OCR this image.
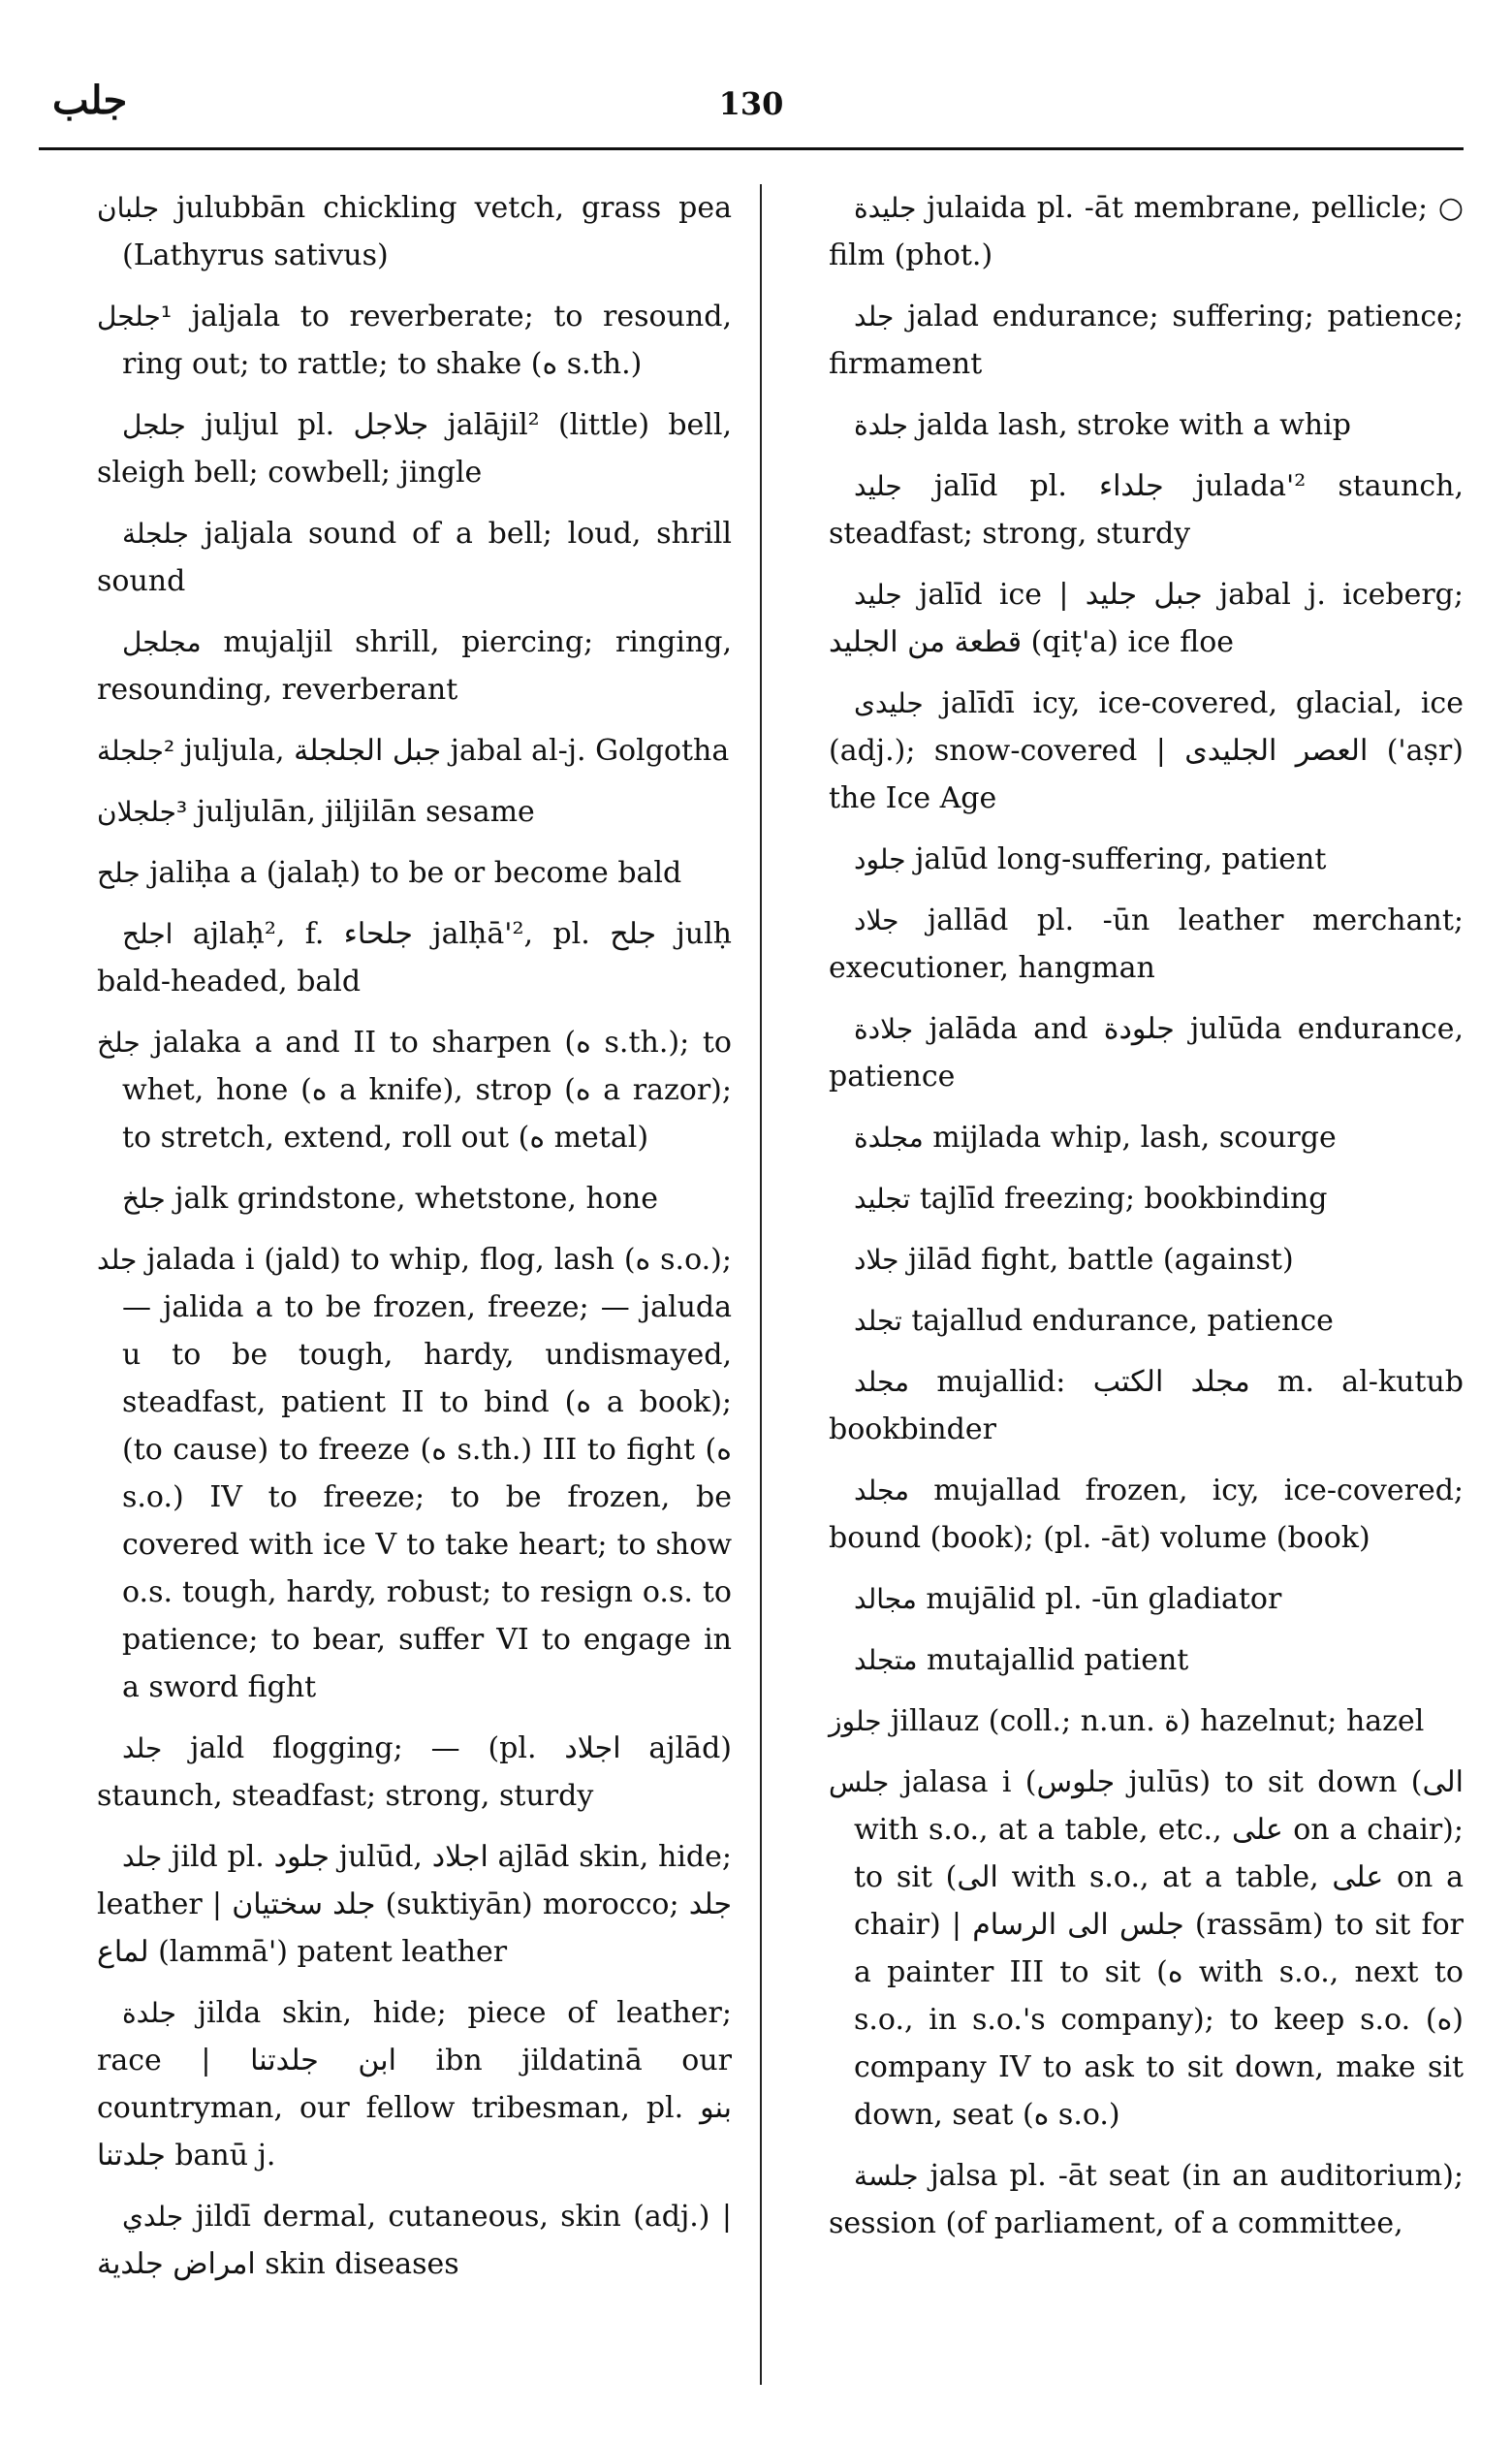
جلب	130

جلبان julubbān chickling vetch, grass pea (Lathyrus sativus)

¹جلجل jaljala to reverberate; to resound, ring out; to rattle; to shake (ه s.th.)

جلجل juljul pl. جلاجل jalājil² (little) bell, sleigh bell; cowbell; jingle

جلجلة jaljala sound of a bell; loud, shrill sound

مجلجل mujaljil shrill, piercing; ringing, resounding, reverberant

²جلجلة juljula, جبل الجلجلة jabal al-j. Golgotha

³جلجلان juljulān, jiljilān sesame

جلح jaliḥa a (jalaḥ) to be or become bald

اجلح ajlaḥ², f. جلحاء jalḥā'², pl. جلح julḥ bald-headed, bald

جلخ jalaka a and II to sharpen (ه s.th.); to whet, hone (ه a knife), strop (ه a razor); to stretch, extend, roll out (ه metal)

جلخ jalk grindstone, whetstone, hone

جلد jalada i (jald) to whip, flog, lash (ه s.o.); — jalida a to be frozen, freeze; — jaluda u to be tough, hardy, undismayed, steadfast, patient II to bind (ه a book); (to cause) to freeze (ه s.th.) III to fight (ه s.o.) IV to freeze; to be frozen, be covered with ice V to take heart; to show o.s. tough, hardy, robust; to resign o.s. to patience; to bear, suffer VI to engage in a sword fight

جلد jald flogging; — (pl. اجلاد ajlād) staunch, steadfast; strong, sturdy

جلد jild pl. جلود julūd, اجلاد ajlād skin, hide; leather | جلد سختيان (suktiyān) morocco; جلد لماع (lammā') patent leather

جلدة jilda skin, hide; piece of leather; race | ابن جلدتنا ibn jildatinā our countryman, our fellow tribesman, pl. بنو جلدتنا banū j.

جلدي jildī dermal, cutaneous, skin (adj.) | امراض جلدية skin diseases

جليدة julaida pl. -āt membrane, pellicle; ○ film (phot.)

جلد jalad endurance; suffering; patience; firmament

جلدة jalda lash, stroke with a whip

جليد jalīd pl. جلداء julada'² staunch, steadfast; strong, sturdy

جليد jalīd ice | جبل جليد jabal j. iceberg; قطعة من الجليد (qiṭ'a) ice floe

جليدى jalīdī icy, ice-covered, glacial, ice (adj.); snow-covered | العصر الجليدى ('aṣr) the Ice Age

جلود jalūd long-suffering, patient

جلاد jallād pl. -ūn leather merchant; executioner, hangman

جلادة jalāda and جلودة julūda endurance, patience

مجلدة mijlada whip, lash, scourge

تجليد tajlīd freezing; bookbinding

جلاد jilād fight, battle (against)

تجلد tajallud endurance, patience

مجلد mujallid: مجلد الكتب m. al-kutub bookbinder

مجلد mujallad frozen, icy, ice-covered; bound (book); (pl. -āt) volume (book)

مجالد mujālid pl. -ūn gladiator

متجلد mutajallid patient

جلوز jillauz (coll.; n.un. ة) hazelnut; hazel

جلس jalasa i (جلوس julūs) to sit down (الى with s.o., at a table, etc., على on a chair); to sit (الى with s.o., at a table, على on a chair) | جلس الى الرسام (rassām) to sit for a painter III to sit (ه with s.o., next to s.o., in s.o.'s company); to keep s.o. (ه) company IV to ask to sit down, make sit down, seat (ه s.o.)

جلسة jalsa pl. -āt seat (in an auditorium); session (of parliament, of a committee,
